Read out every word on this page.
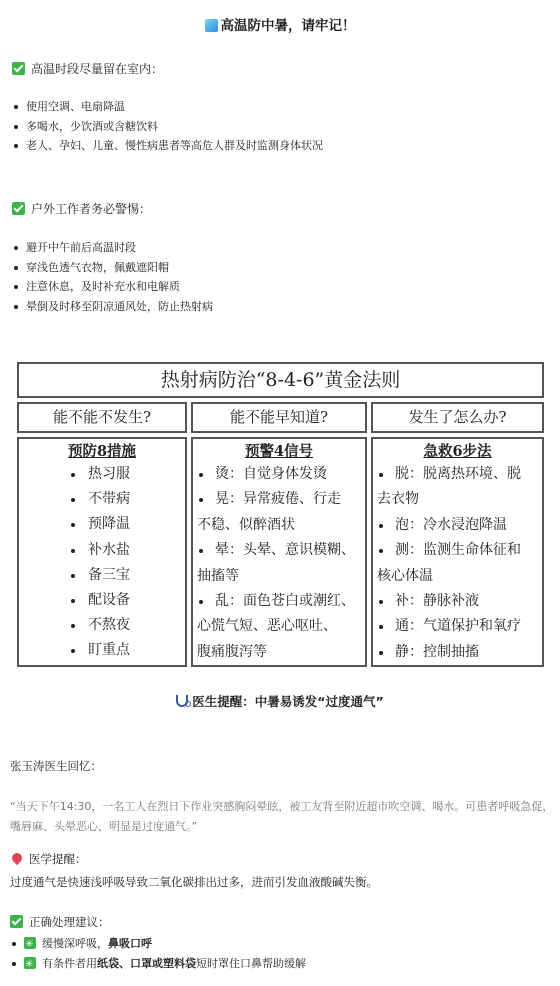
高温防中暑，请牢记！
高温时段尽量留在室内：
使用空调、电扇降温
多喝水，少饮酒或含糖饮料
老人、孕妇、儿童、慢性病患者等高危人群及时监测身体状况
户外工作者务必警惕：
避开中午前后高温时段
穿浅色透气衣物，佩戴遮阳帽
注意休息，及时补充水和电解质
晕倒及时移至阴凉通风处，防止热射病
热射病防治“8-4-6”黄金法则
能不能不发生?	能不能早知道?	发生了怎么办?
预防8措施
热习服
不带病
预降温
补水盐
备三宝
配设备
不熬夜
盯重点
预警4信号
烫：自觉身体发烫
晃：异常疲倦、行走
不稳、似醉酒状
晕：头晕、意识模糊、
抽搐等
乱：面色苍白或潮红、
心慌气短、恶心呕吐、
腹痛腹泻等
急救6步法
脱：脱离热环境、脱
去衣物
泡：冷水浸泡降温
测：监测生命体征和
核心体温
补：静脉补液
通：气道保护和氧疗
静：控制抽搐
医生提醒：中暑易诱发“过度通气”
张玉涛医生回忆：
“当天下午14:30，一名工人在烈日下作业突感胸闷晕眩，被工友背至附近超市吹空调、喝水。可患者呼吸急促，嘴唇麻、头晕恶心，明显是过度通气。”
医学提醒：
过度通气是快速浅呼吸导致二氧化碳排出过多，进而引发血液酸碱失衡。
正确处理建议：
✳缓慢深呼吸，鼻吸口呼
✳有条件者用纸袋、口罩或塑料袋短时罩住口鼻帮助缓解
